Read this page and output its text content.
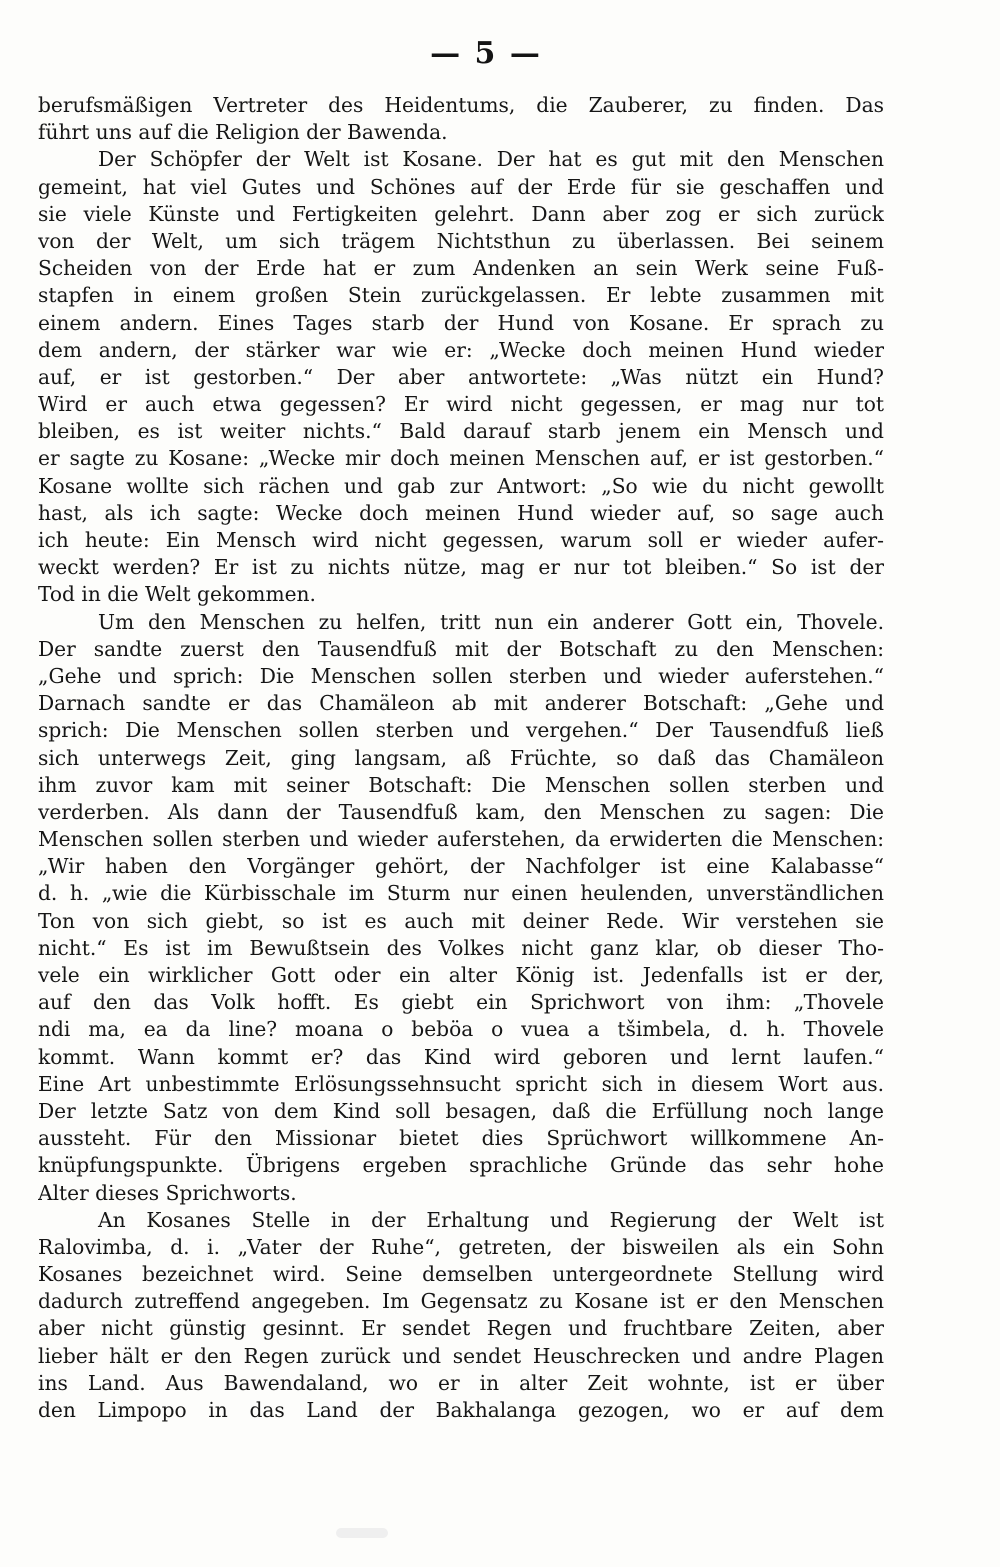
— 5 —
berufsmäßigen Vertreter des Heidentums, die Zauberer, zu finden. Das
führt uns auf die Religion der Bawenda.
Der Schöpfer der Welt ist Kosane. Der hat es gut mit den Menschen
gemeint, hat viel Gutes und Schönes auf der Erde für sie geschaffen und
sie viele Künste und Fertigkeiten gelehrt. Dann aber zog er sich zurück
von der Welt, um sich trägem Nichtsthun zu überlassen. Bei seinem
Scheiden von der Erde hat er zum Andenken an sein Werk seine Fuß-
stapfen in einem großen Stein zurückgelassen. Er lebte zusammen mit
einem andern. Eines Tages starb der Hund von Kosane. Er sprach zu
dem andern, der stärker war wie er: „Wecke doch meinen Hund wieder
auf, er ist gestorben.“ Der aber antwortete: „Was nützt ein Hund?
Wird er auch etwa gegessen? Er wird nicht gegessen, er mag nur tot
bleiben, es ist weiter nichts.“ Bald darauf starb jenem ein Mensch und
er sagte zu Kosane: „Wecke mir doch meinen Menschen auf, er ist gestorben.“
Kosane wollte sich rächen und gab zur Antwort: „So wie du nicht gewollt
hast, als ich sagte: Wecke doch meinen Hund wieder auf, so sage auch
ich heute: Ein Mensch wird nicht gegessen, warum soll er wieder aufer-
weckt werden? Er ist zu nichts nütze, mag er nur tot bleiben.“ So ist der
Tod in die Welt gekommen.
Um den Menschen zu helfen, tritt nun ein anderer Gott ein, Thovele.
Der sandte zuerst den Tausendfuß mit der Botschaft zu den Menschen:
„Gehe und sprich: Die Menschen sollen sterben und wieder auferstehen.“
Darnach sandte er das Chamäleon ab mit anderer Botschaft: „Gehe und
sprich: Die Menschen sollen sterben und vergehen.“ Der Tausendfuß ließ
sich unterwegs Zeit, ging langsam, aß Früchte, so daß das Chamäleon
ihm zuvor kam mit seiner Botschaft: Die Menschen sollen sterben und
verderben. Als dann der Tausendfuß kam, den Menschen zu sagen: Die
Menschen sollen sterben und wieder auferstehen, da erwiderten die Menschen:
„Wir haben den Vorgänger gehört, der Nachfolger ist eine Kalabasse“
d. h. „wie die Kürbisschale im Sturm nur einen heulenden, unverständlichen
Ton von sich giebt, so ist es auch mit deiner Rede. Wir verstehen sie
nicht.“ Es ist im Bewußtsein des Volkes nicht ganz klar, ob dieser Tho-
vele ein wirklicher Gott oder ein alter König ist. Jedenfalls ist er der,
auf den das Volk hofft. Es giebt ein Sprichwort von ihm: „Thovele
ndi ma, ea da line? moana o beböa o vuea a tšimbela, d. h. Thovele
kommt. Wann kommt er? das Kind wird geboren und lernt laufen.“
Eine Art unbestimmte Erlösungssehnsucht spricht sich in diesem Wort aus.
Der letzte Satz von dem Kind soll besagen, daß die Erfüllung noch lange
aussteht. Für den Missionar bietet dies Sprüchwort willkommene An-
knüpfungspunkte. Übrigens ergeben sprachliche Gründe das sehr hohe
Alter dieses Sprichworts.
An Kosanes Stelle in der Erhaltung und Regierung der Welt ist
Ralovimba, d. i. „Vater der Ruhe“, getreten, der bisweilen als ein Sohn
Kosanes bezeichnet wird. Seine demselben untergeordnete Stellung wird
dadurch zutreffend angegeben. Im Gegensatz zu Kosane ist er den Menschen
aber nicht günstig gesinnt. Er sendet Regen und fruchtbare Zeiten, aber
lieber hält er den Regen zurück und sendet Heuschrecken und andre Plagen
ins Land. Aus Bawendaland, wo er in alter Zeit wohnte, ist er über
den Limpopo in das Land der Bakhalanga gezogen, wo er auf dem
